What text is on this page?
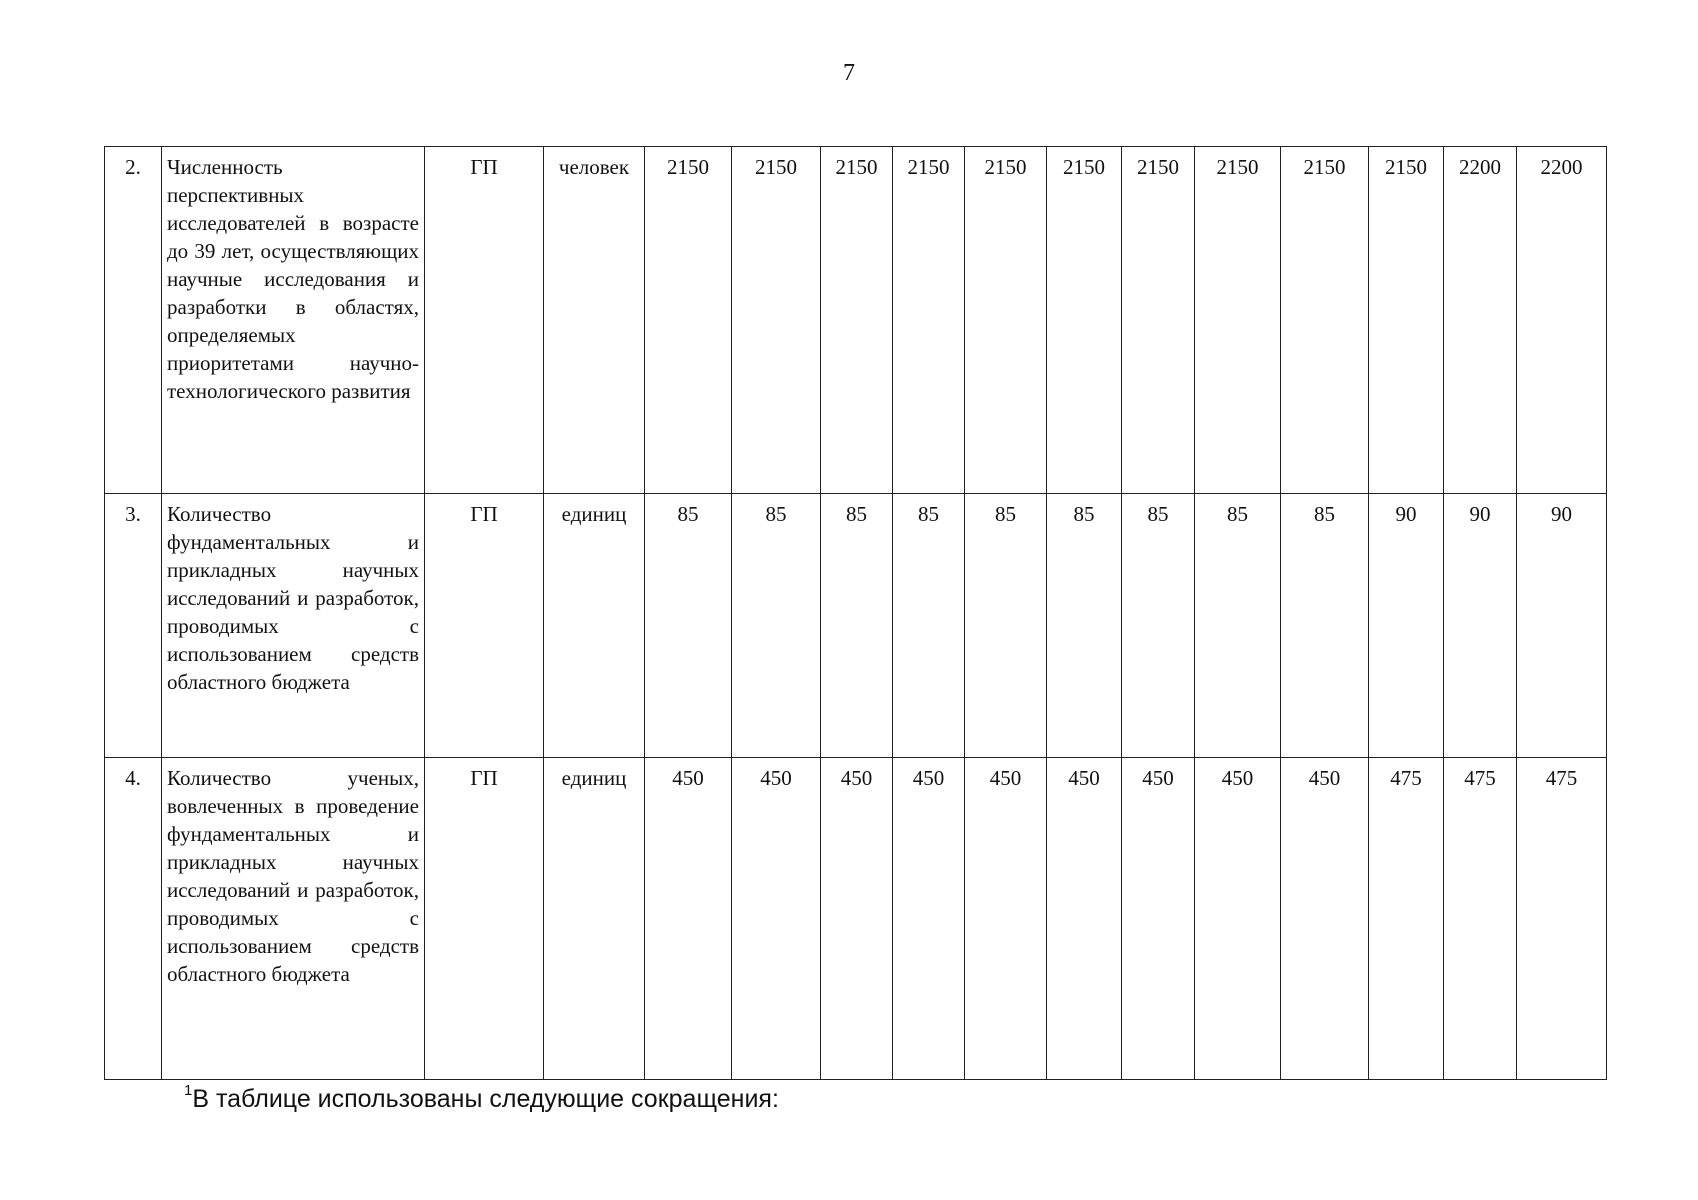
7
2.	Численность перспективных исследователей в возрасте до 39 лет, осуществляющих научные исследования и разработки в областях, определяемых приоритетами научно-технологического развития	ГП	человек	2150	2150	2150	2150	2150	2150	2150	2150	2150	2150	2200	2200
3.	Количество фундаментальных и прикладных научных исследований и разработок, проводимых с использованием средств областного бюджета	ГП	единиц	85	85	85	85	85	85	85	85	85	90	90	90
4.	Количество ученых, вовлеченных в проведение фундаментальных и прикладных научных исследований и разработок, проводимых с использованием средств областного бюджета	ГП	единиц	450	450	450	450	450	450	450	450	450	475	475	475
$^1$В таблице использованы следующие сокращения:
